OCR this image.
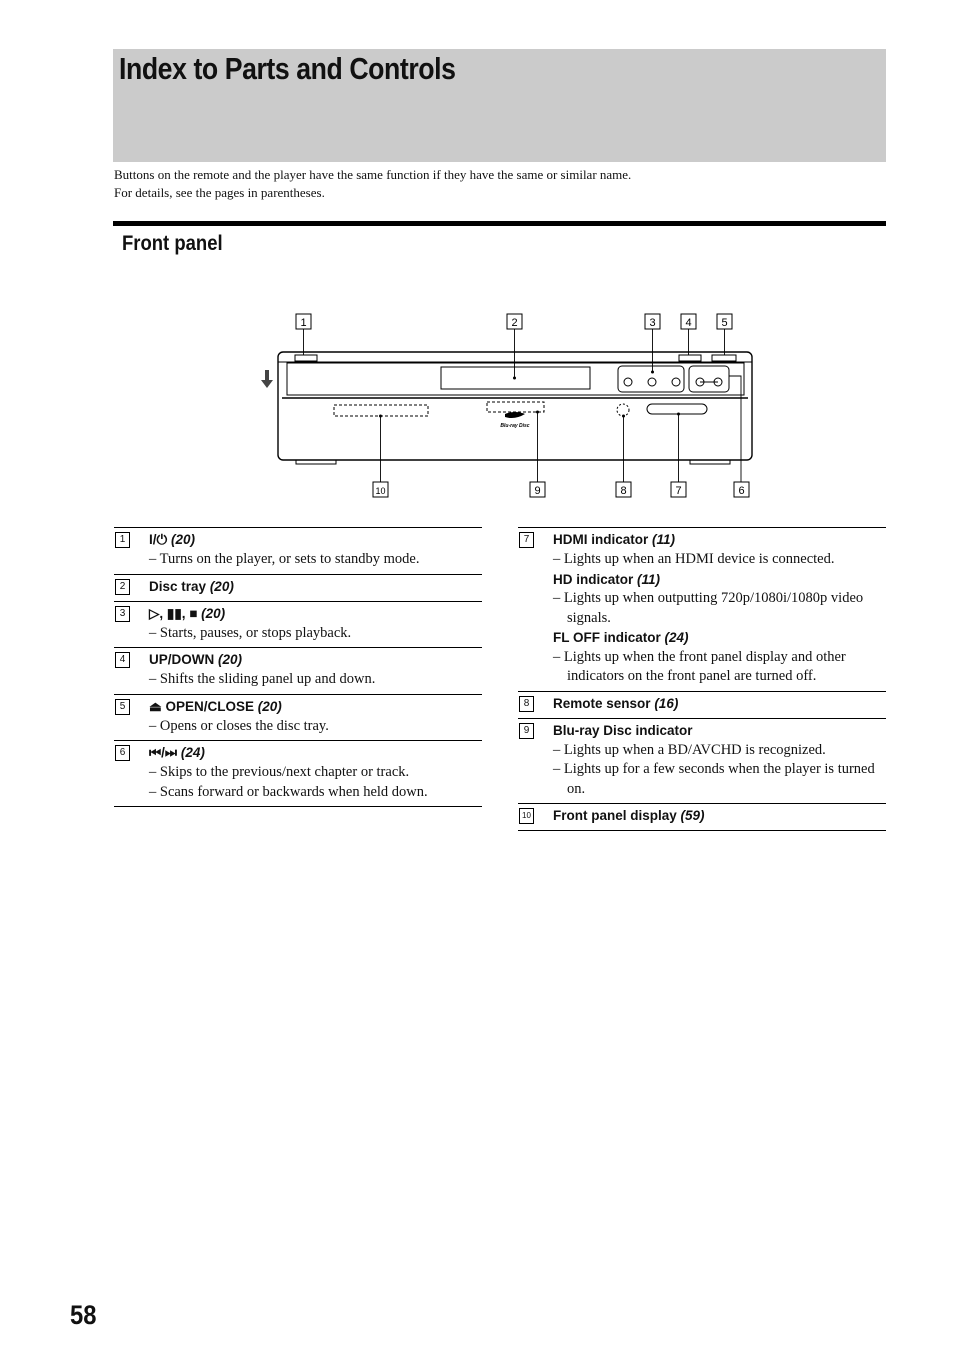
Index to Parts and Controls

Buttons on the remote and the player have the same function if they have the same or similar name.

For details, see the pages in parentheses.

Front panel
1	2	3	4	5
10	9	8	7	6
Blu-ray Disc
1	I/⏻ (20)

– Turns on the player, or sets to standby mode.

2	Disc tray (20)
3	▷, ▮▮, ■ (20)

– Starts, pauses, or stops playback.

4	UP/DOWN (20)

– Shifts the sliding panel up and down.

5	⏏ OPEN/CLOSE (20)

– Opens or closes the disc tray.

6	⏮/⏭ (24)

– Skips to the previous/next chapter or track.

– Scans forward or backwards when held down.

7	HDMI indicator (11)

– Lights up when an HDMI device is connected.

HD indicator (11)

– Lights up when outputting 720p/1080i/1080p video signals.

FL OFF indicator (24)

– Lights up when the front panel display and other indicators on the front panel are turned off.

8	Remote sensor (16)
9	Blu-ray Disc indicator

– Lights up when a BD/AVCHD is recognized.

– Lights up for a few seconds when the player is turned on.

10 Front panel display (59)

58
